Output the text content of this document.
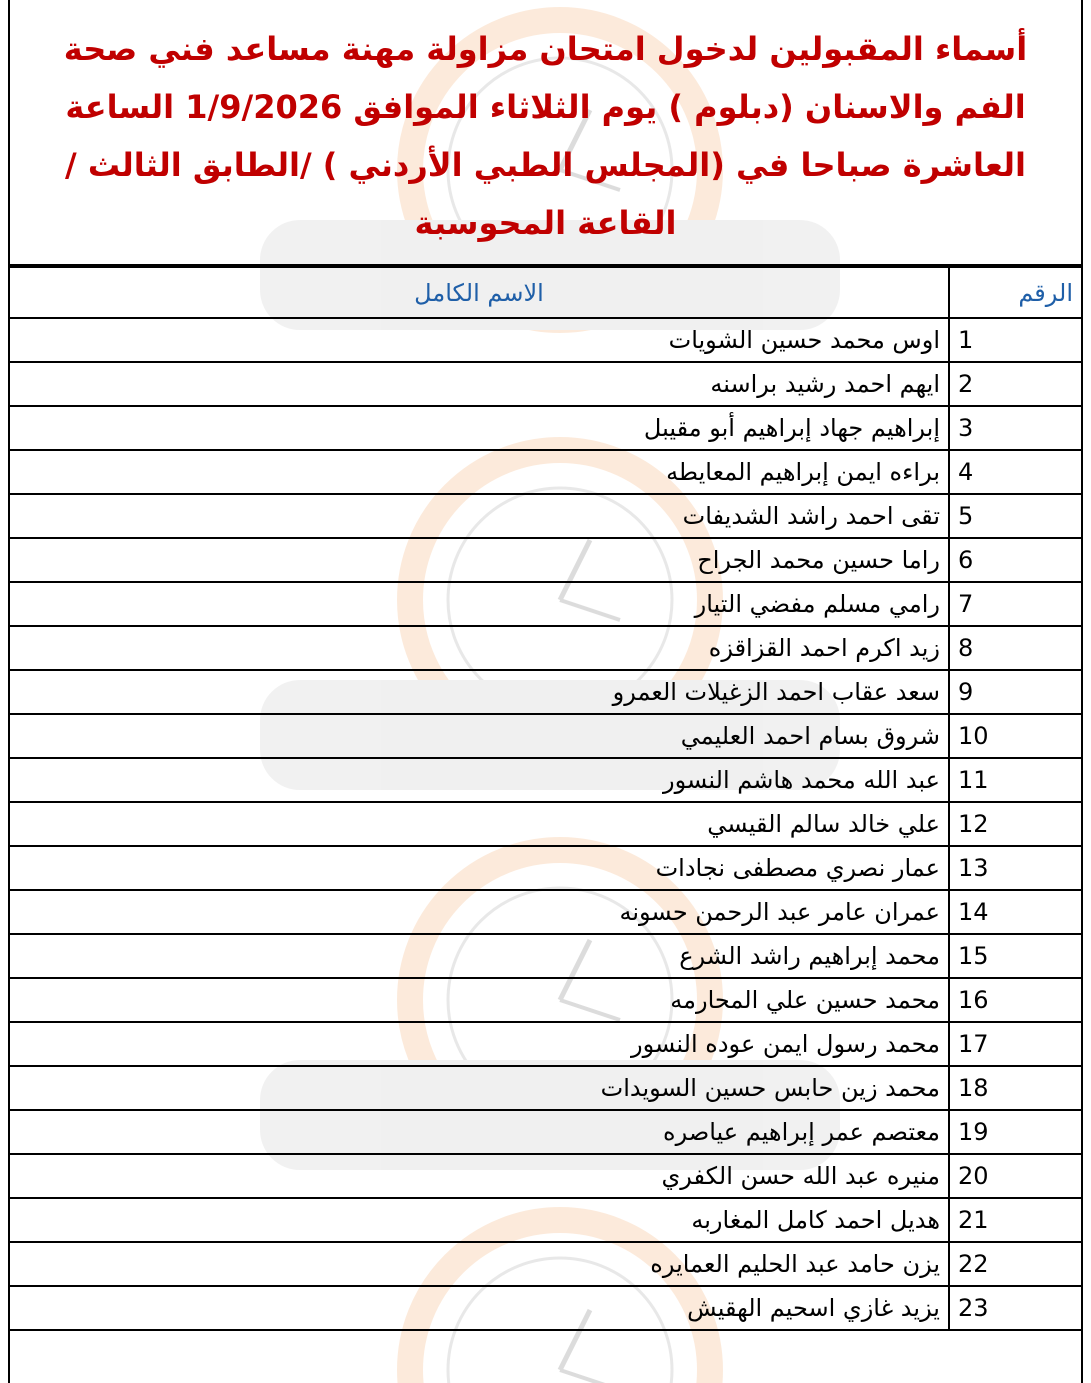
أسماء المقبولين لدخول امتحان مزاولة مهنة مساعد فني صحة الفم والاسنان (دبلوم ) يوم الثلاثاء الموافق 1/9/2026 الساعة العاشرة صباحا في (المجلس الطبي الأردني ) /الطابق الثالث /القاعة المحوسبة
الرقم	الاسم الكامل
1	اوس محمد حسين الشويات
2	ايهم احمد رشيد براسنه
3	إبراهيم جهاد إبراهيم أبو مقيبل
4	براءه ايمن إبراهيم المعايطه
5	تقى احمد راشد الشديفات
6	راما حسين محمد الجراح
7	رامي مسلم مفضي التيار
8	زيد اكرم احمد القزاقزه
9	سعد عقاب احمد الزغيلات العمرو
10	شروق بسام احمد العليمي
11	عبد الله محمد هاشم النسور
12	علي خالد سالم القيسي
13	عمار نصري مصطفى نجادات
14	عمران عامر عبد الرحمن حسونه
15	محمد إبراهيم راشد الشرع
16	محمد حسين علي المحارمه
17	محمد رسول ايمن عوده النسور
18	محمد زين حابس حسين السويدات
19	معتصم عمر إبراهيم عياصره
20	منيره عبد الله حسن الكفري
21	هديل احمد كامل المغاربه
22	يزن حامد عبد الحليم العمايره
23	يزيد غازي اسحيم الهقيش
